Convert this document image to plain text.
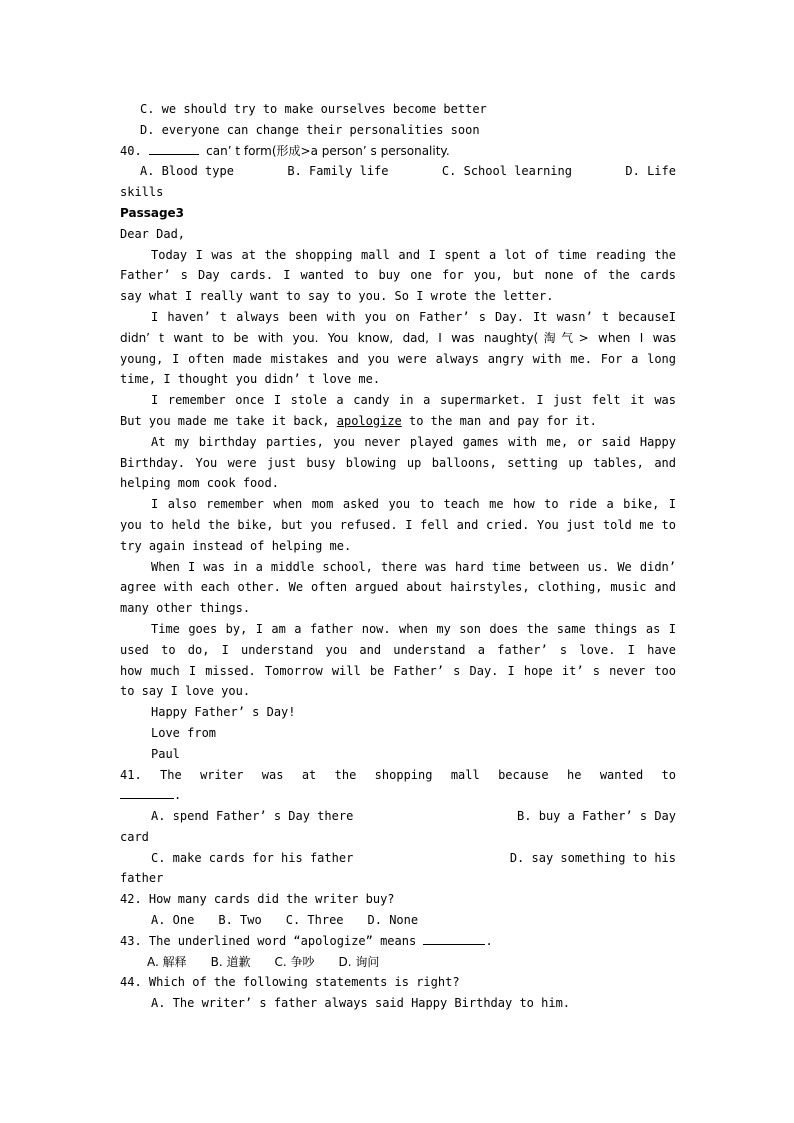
C. we should try to make ourselves become better
D. everyone can change their personalities soon
40.	can’ t form(形成>a person’ s personality.
A. Blood type	B. Family life	C. School learning	D. Life
skills
Passage3
Dear Dad,
Today I was at the shopping mall and I spent a lot of time reading the
Father’ s Day cards. I wanted to buy one for you, but none of the cards
say what I really want to say to you. So I wrote the letter.
I haven’ t always been with you on Father’ s Day. It wasn’ t becauseI
didn’ t want to be with you. You know, dad, I was naughty(淘气> when I was
young, I often made mistakes and you were always angry with me. For a long
time, I thought you didn’ t love me.
I remember once I stole a candy in a supermarket. I just felt it was
But you made me take it back, apologize to the man and pay for it.
At my birthday parties, you never played games with me, or said Happy
Birthday. You were just busy blowing up balloons, setting up tables, and
helping mom cook food.
I also remember when mom asked you to teach me how to ride a bike, I
you to held the bike, but you refused. I fell and cried. You just told me to
try again instead of helping me.
When I was in a middle school, there was hard time between us. We didn’
agree with each other. We often argued about hairstyles, clothing, music and
many other things.
Time goes by, I am a father now. when my son does the same things as I
used to do, I understand you and understand a father’ s love. I have
how much I missed. Tomorrow will be Father’ s Day. I hope it’ s never too
to say I love you.
Happy Father’ s Day!
Love from
Paul
41. The writer was at the shopping mall because he wanted to
.
A. spend Father’ s Day there	B. buy a Father’ s Day
card
C. make cards for his father	D. say something to his
father
42. How many cards did the writer buy?
A. One B. Two C. Three D. None
43. The underlined word “apologize” means	.
A. 解释 B. 道歉 C. 争吵 D. 询问
44. Which of the following statements is right?
A. The writer’ s father always said Happy Birthday to him.
